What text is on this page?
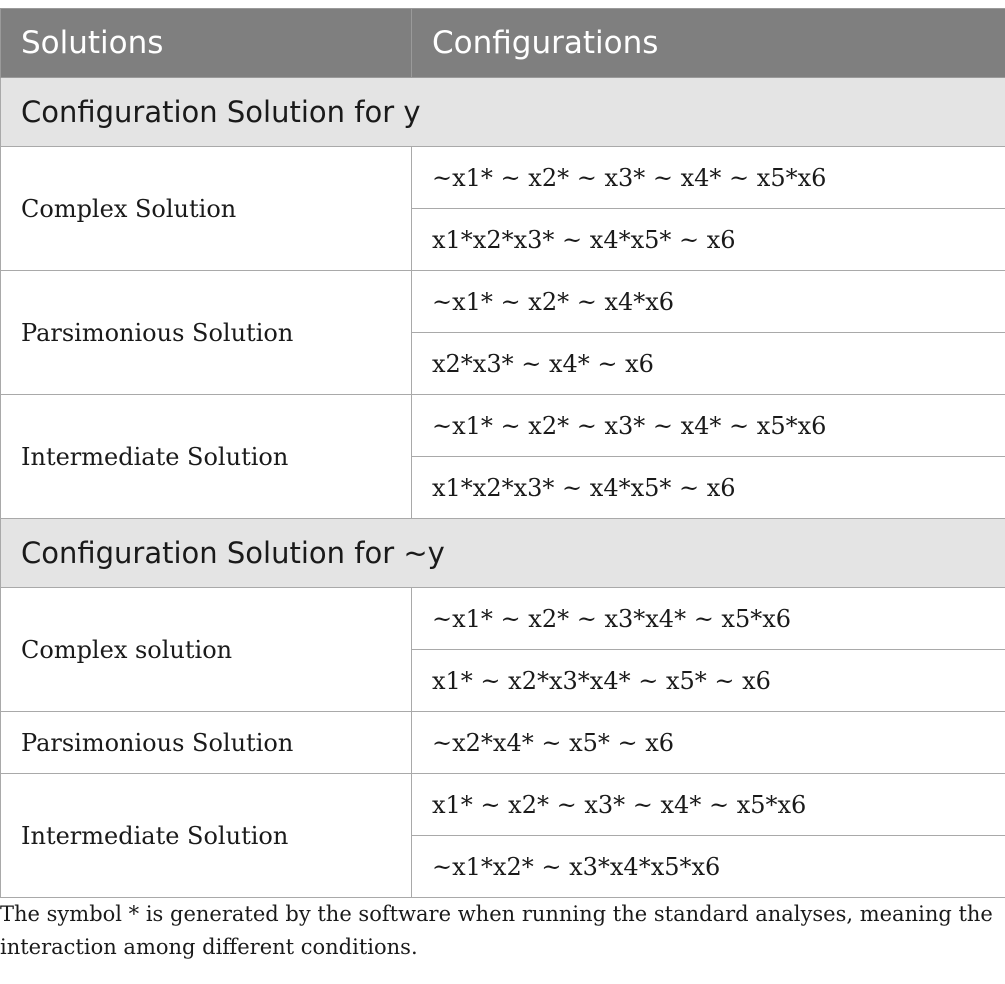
Solutions	Configurations
Configuration Solution for y	
Complex Solution	~x1* ~ x2* ~ x3* ~ x4* ~ x5*x6
	x1*x2*x3* ~ x4*x5* ~ x6
Parsimonious Solution	~x1* ~ x2* ~ x4*x6
	x2*x3* ~ x4* ~ x6
Intermediate Solution	~x1* ~ x2* ~ x3* ~ x4* ~ x5*x6
	x1*x2*x3* ~ x4*x5* ~ x6
Configuration Solution for ~y	
Complex solution	~x1* ~ x2* ~ x3*x4* ~ x5*x6
	x1* ~ x2*x3*x4* ~ x5* ~ x6
Parsimonious Solution	~x2*x4* ~ x5* ~ x6
Intermediate Solution	x1* ~ x2* ~ x3* ~ x4* ~ x5*x6
	~x1*x2* ~ x3*x4*x5*x6

The symbol * is generated by the software when running the standard analyses, meaning the interaction among different conditions.
